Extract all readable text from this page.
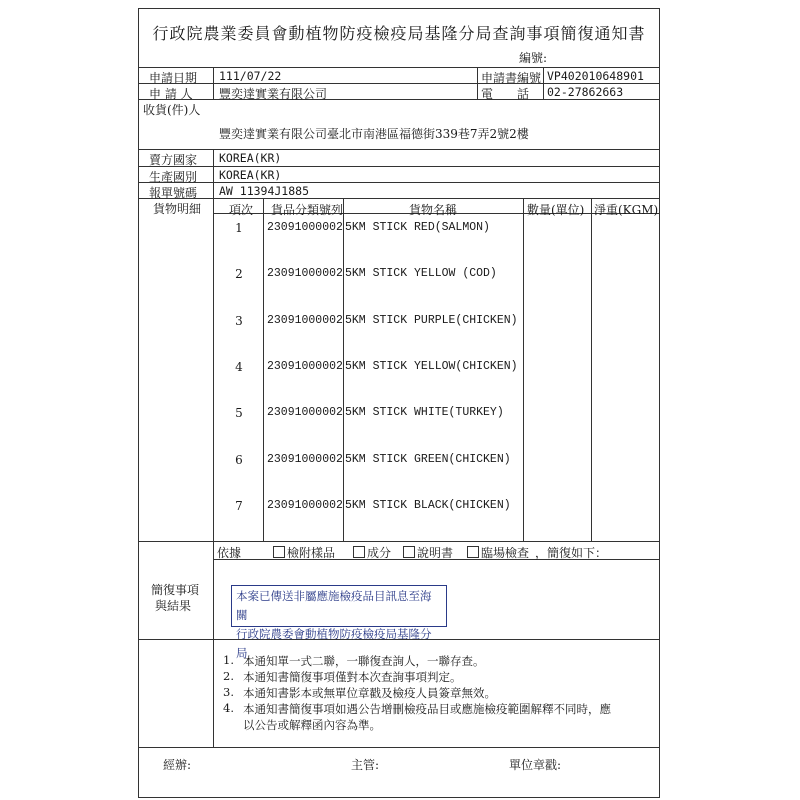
行政院農業委員會動植物防疫檢疫局基隆分局查詢事項簡復通知書
編號:
申請日期 111/07/22	申請書編號 VP402010648901
申 請 人 豐奕達實業有限公司	電　　話 02-27862663
收貨(件)人
豐奕達實業有限公司臺北市南港區福德街339巷7弄2號2樓
賣方國家 KOREA(KR)
生產國別 KOREA(KR)
報單號碼 AW 11394J1885
貨物明細 項次 貨品分類號列	貨物名稱	數量(單位) 淨重(KGM)
1	23091000002 5KM STICK RED(SALMON)
2	23091000002 5KM STICK YELLOW (COD)
3	23091000002 5KM STICK PURPLE(CHICKEN)
4	23091000002 5KM STICK YELLOW(CHICKEN)
5	23091000002 5KM STICK WHITE(TURKEY)
6	23091000002 5KM STICK GREEN(CHICKEN)
7	23091000002 5KM STICK BLACK(CHICKEN)
簡復事項
與結果
依據	檢附樣品	成分	說明書	臨場檢查 ，簡復如下：
本案已傳送非屬應施檢疫品目訊息至海關
行政院農委會動植物防疫檢疫局基隆分局
1. 本通知單一式二聯，一聯復查詢人，一聯存查。
2. 本通知書簡復事項僅對本次查詢事項判定。
3. 本通知書影本或無單位章戳及檢疫人員簽章無效。
4. 本通知書簡復事項如遇公告增刪檢疫品目或應施檢疫範圍解釋不同時，應
以公告或解釋函內容為準。
經辦:	主管:	單位章戳:
